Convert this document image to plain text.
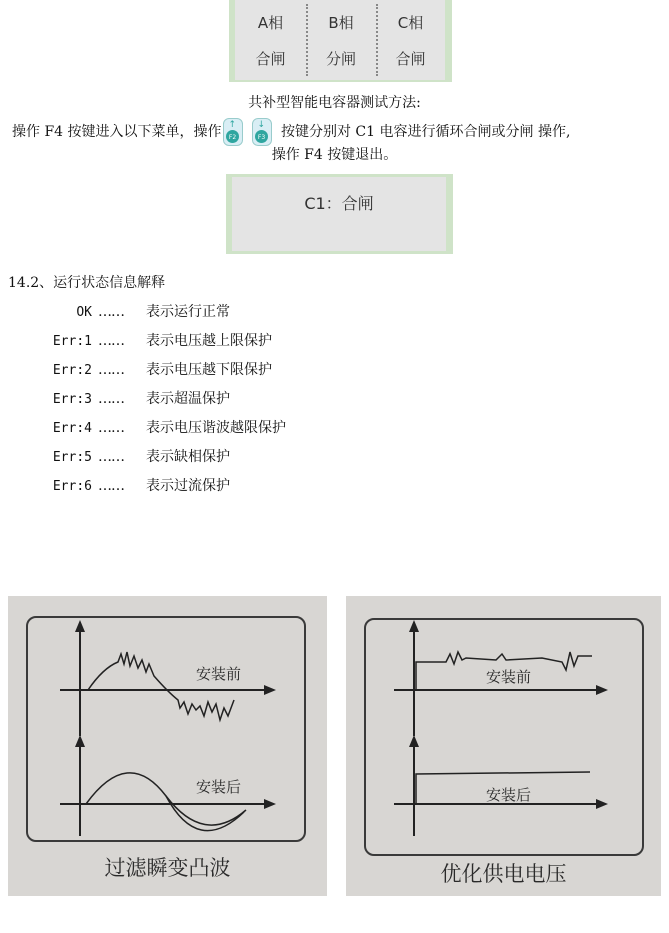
A相
合闸
B相
分闸
C相
合闸
共补型智能电容器测试方法:
操作 F4 按键进入以下菜单，操作 ↑
F2
↓
F3	按键分别对 C1 电容进行循环合闸或分闸 操作,
操作 F4 按键退出。
C1：合闸
14.2、运行状态信息解释
OK …… 表示运行正常
Err:1 …… 表示电压越上限保护
Err:2 …… 表示电压越下限保护
Err:3 …… 表示超温保护
Err:4 …… 表示电压谐波越限保护
Err:5 …… 表示缺相保护
Err:6 …… 表示过流保护
安装前
安装后
过滤瞬变凸波
安装前
安装后
优化供电电压
